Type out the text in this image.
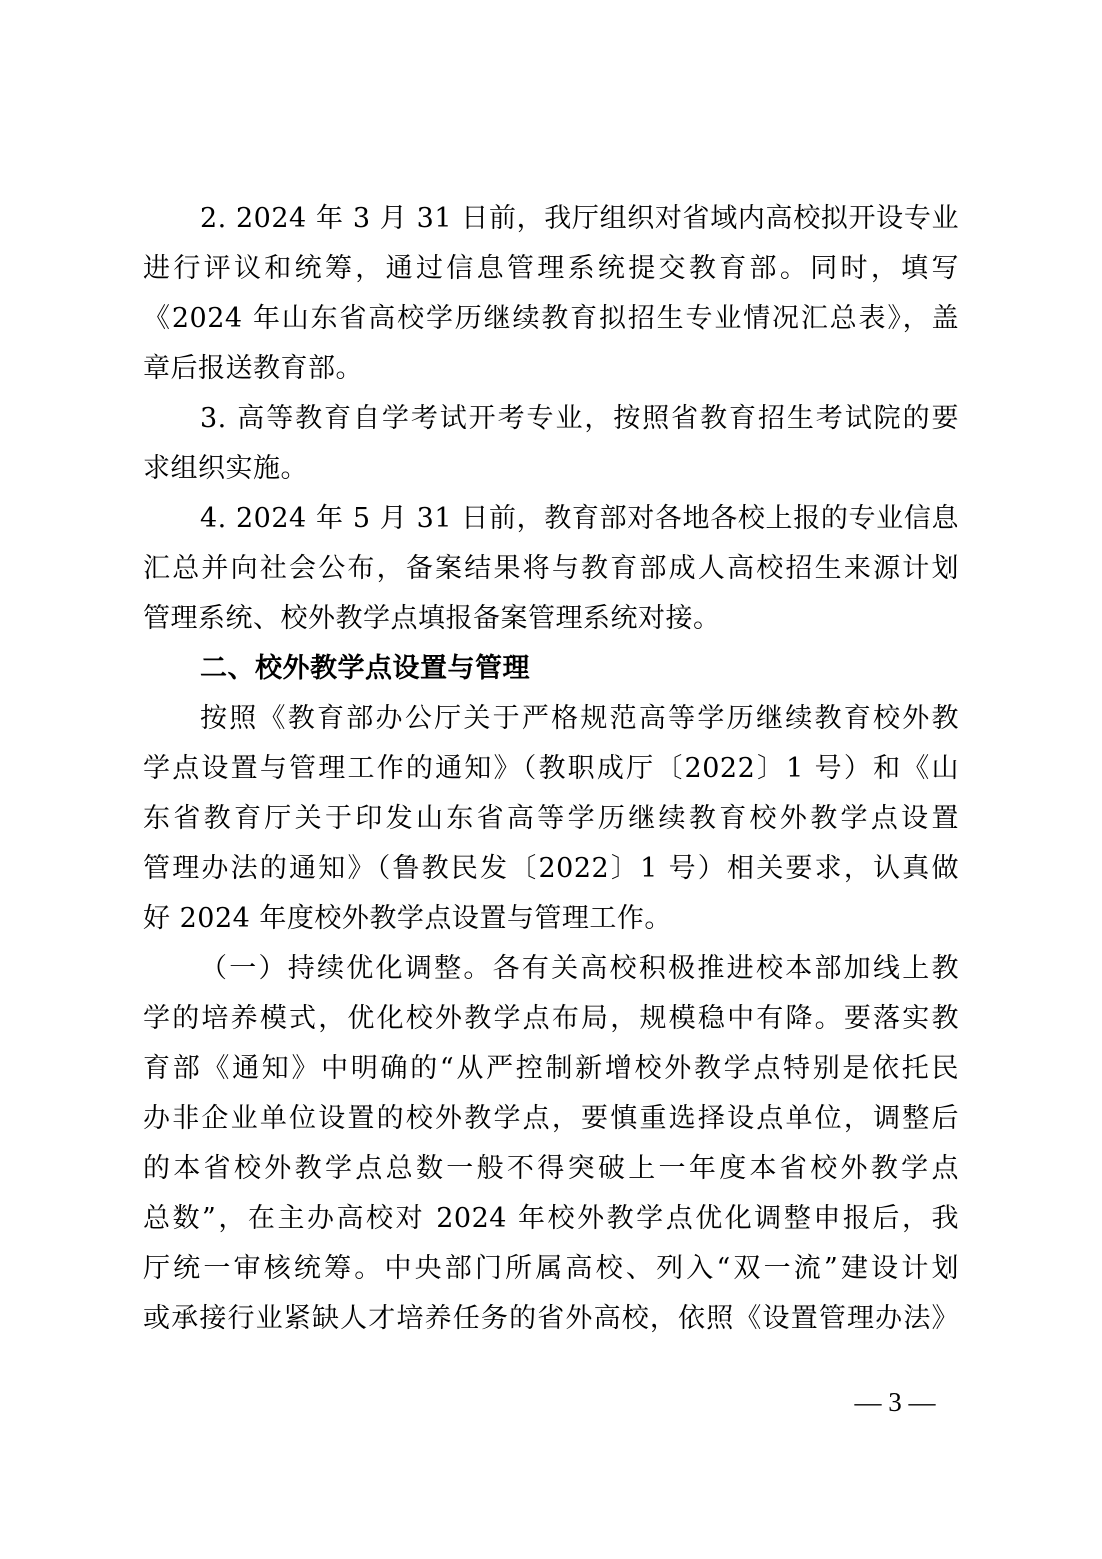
2. 2024 年 3 月 31 日前，我厅组织对省域内高校拟开设专业
进行评议和统筹，通过信息管理系统提交教育部。同时，填写
《2024 年山东省高校学历继续教育拟招生专业情况汇总表》，盖
章后报送教育部。
3. 高等教育自学考试开考专业，按照省教育招生考试院的要
求组织实施。
4. 2024 年 5 月 31 日前，教育部对各地各校上报的专业信息
汇总并向社会公布，备案结果将与教育部成人高校招生来源计划
管理系统、校外教学点填报备案管理系统对接。
二、校外教学点设置与管理
按照《教育部办公厅关于严格规范高等学历继续教育校外教
学点设置与管理工作的通知》（教职成厅〔2022〕1 号）和《山
东省教育厅关于印发山东省高等学历继续教育校外教学点设置
管理办法的通知》（鲁教民发〔2022〕1 号）相关要求，认真做
好 2024 年度校外教学点设置与管理工作。
（一）持续优化调整。各有关高校积极推进校本部加线上教
学的培养模式，优化校外教学点布局，规模稳中有降。要落实教
育部《通知》中明确的“从严控制新增校外教学点特别是依托民
办非企业单位设置的校外教学点，要慎重选择设点单位，调整后
的本省校外教学点总数一般不得突破上一年度本省校外教学点
总数”，在主办高校对 2024 年校外教学点优化调整申报后，我
厅统一审核统筹。中央部门所属高校、列入“双一流”建设计划
或承接行业紧缺人才培养任务的省外高校，依照《设置管理办法》
— 3 —
